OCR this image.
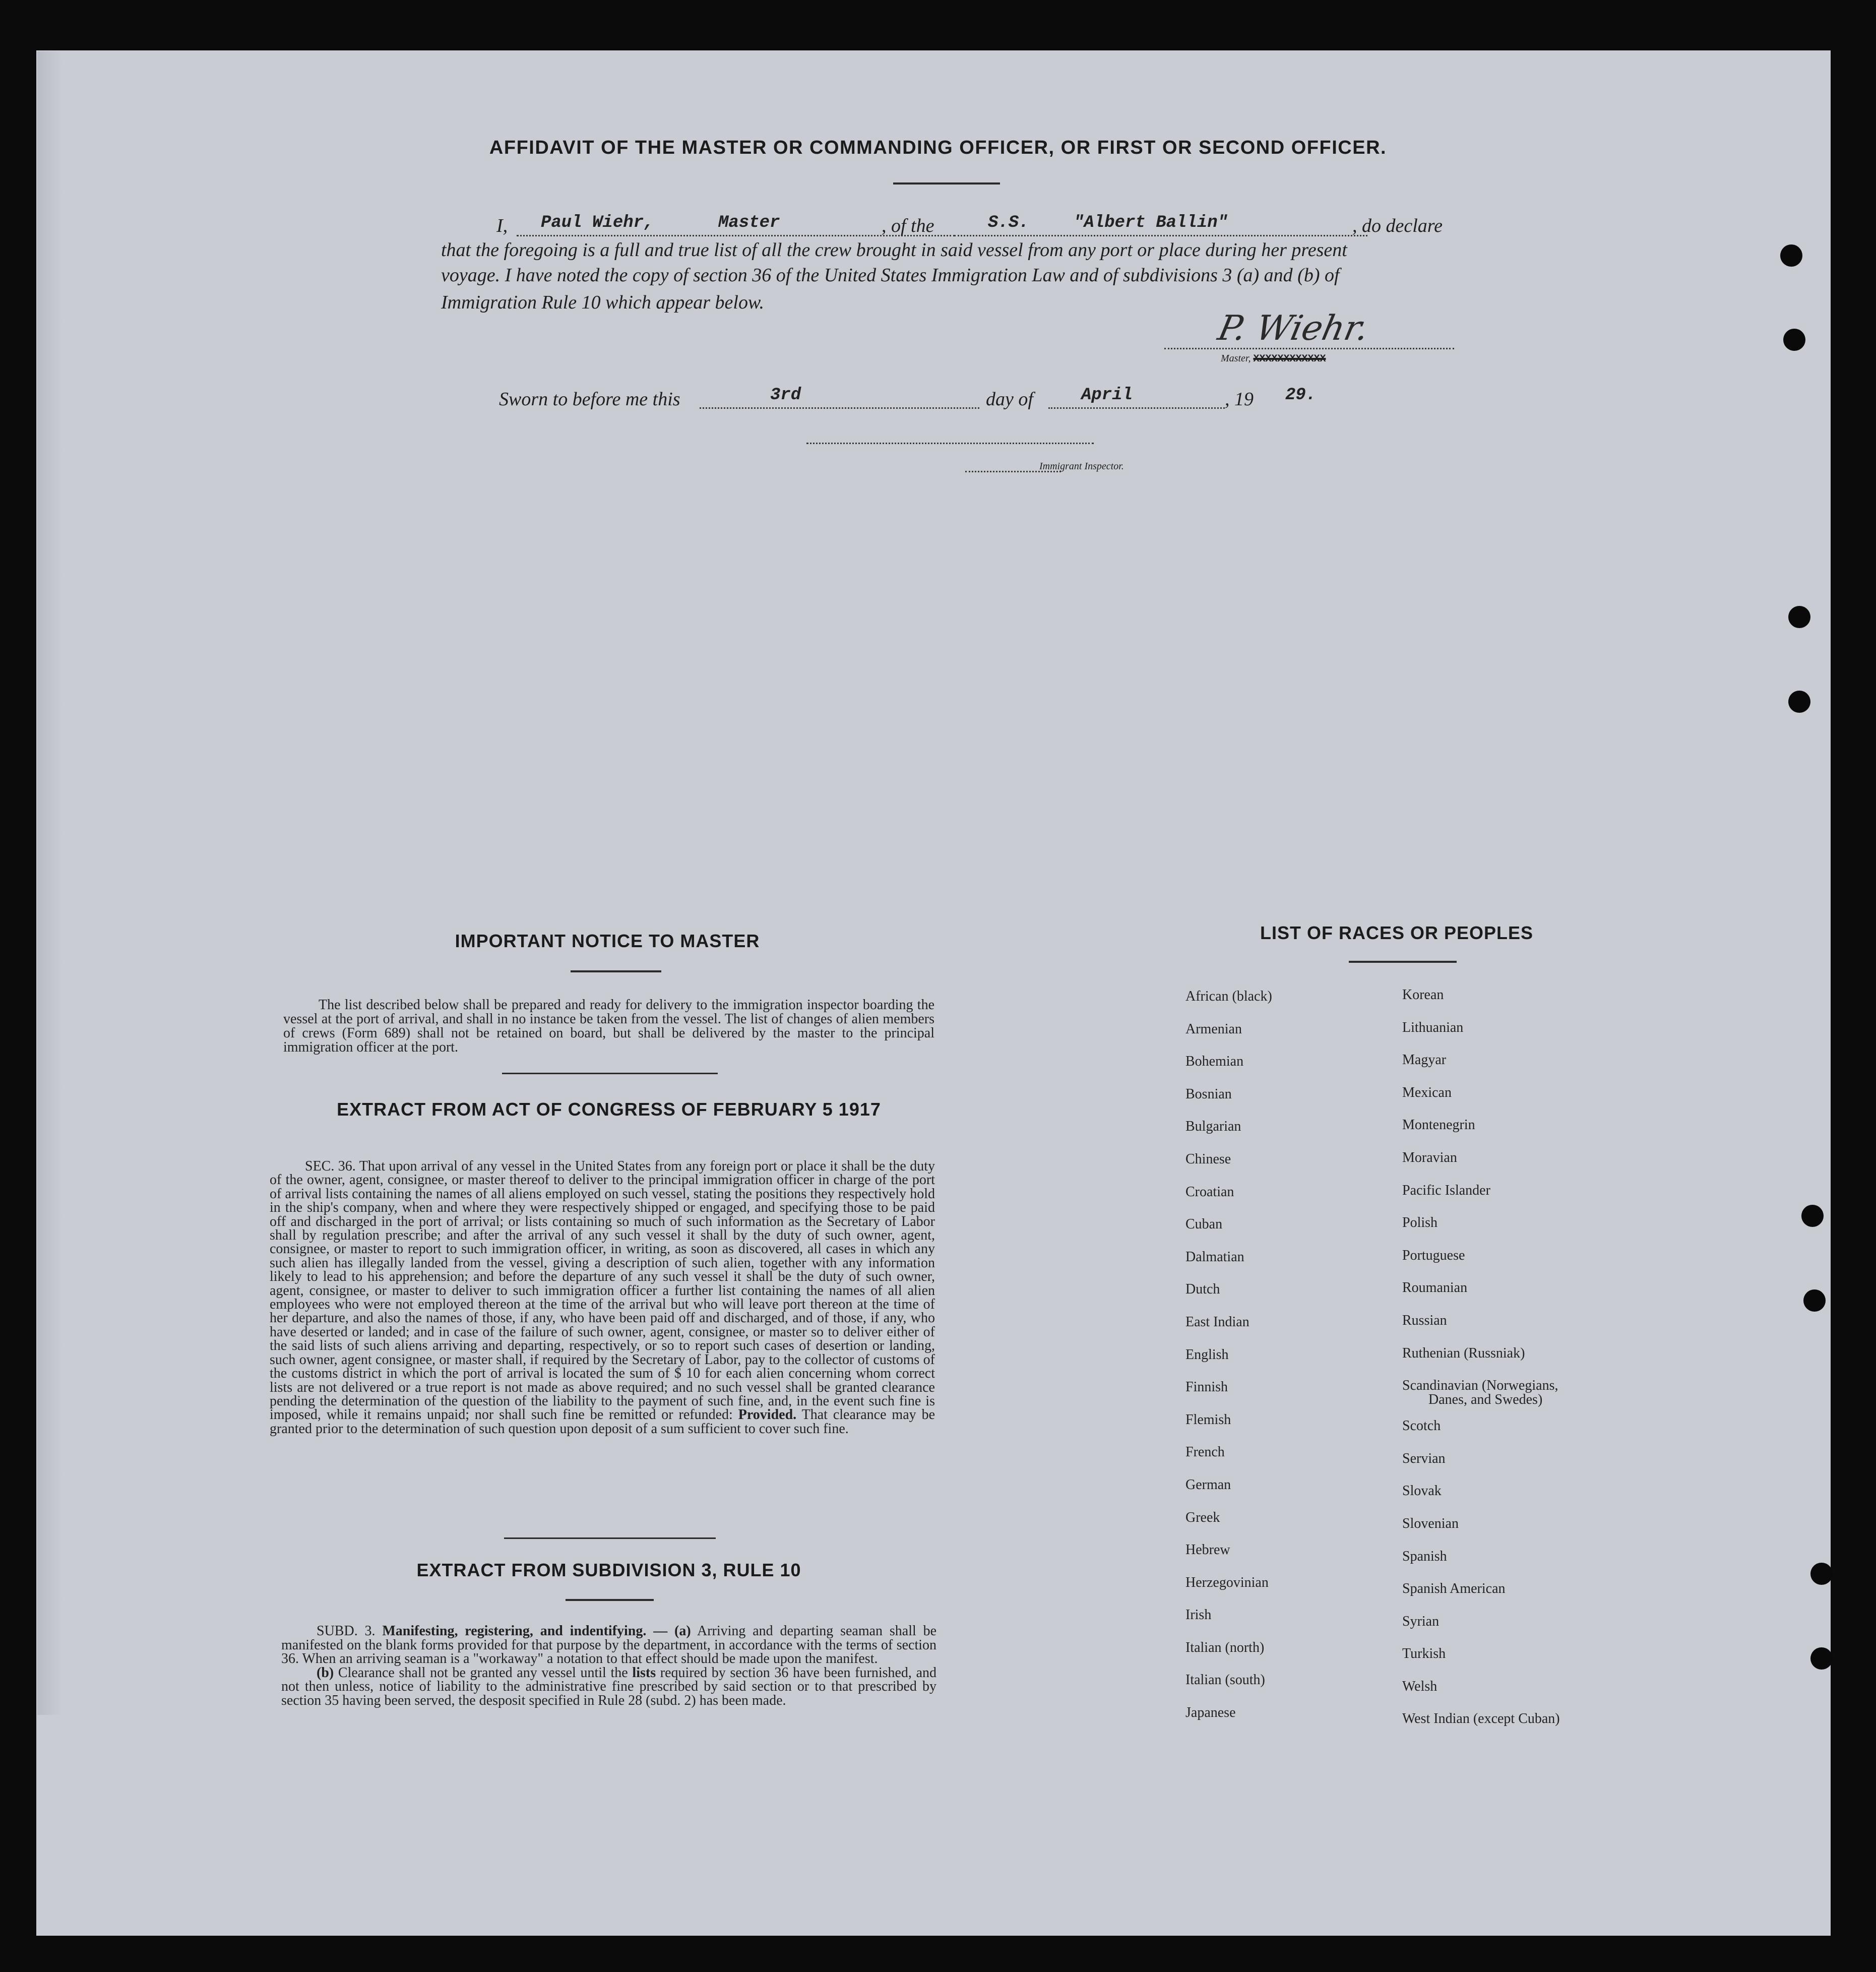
AFFIDAVIT OF THE MASTER OR COMMANDING OFFICER, OR FIRST OR SECOND OFFICER.
I, Paul Wiehr,	Master	, of the	S.S.	"Albert Ballin"	, do declare
that the foregoing is a full and true list of all the crew brought in said vessel from any port or place during her present
voyage. I have noted the copy of section 36 of the United States Immigration Law and of subdivisions 3 (a) and (b) of
Immigration Rule 10 which appear below.
P. Wiehr.
Master, XXXXXXXXXXXX
Sworn to before me this	3rd	day of	April	, 19 29.
Immigrant Inspector.
IMPORTANT NOTICE TO MASTER
The list described below shall be prepared and ready for delivery to the immigration inspector boarding the vessel at the port of arrival, and shall in no instance be taken from the vessel. The list of changes of alien members of crews (Form 689) shall not be retained on board, but shall be delivered by the master to the principal immigration officer at the port.
EXTRACT FROM ACT OF CONGRESS OF FEBRUARY 5 1917
SEC. 36. That upon arrival of any vessel in the United States from any foreign port or place it shall be the duty of the owner, agent, consignee, or master thereof to deliver to the principal immigration officer in charge of the port of arrival lists containing the names of all aliens employed on such vessel, stating the positions they respectively hold in the ship's company, when and where they were respectively shipped or engaged, and specifying those to be paid off and discharged in the port of arrival; or lists containing so much of such information as the Secretary of Labor shall by regulation prescribe; and after the arrival of any such vessel it shall by the duty of such owner, agent, consignee, or master to report to such immigration officer, in writing, as soon as discovered, all cases in which any such alien has illegally landed from the vessel, giving a description of such alien, together with any information likely to lead to his apprehension; and before the departure of any such vessel it shall be the duty of such owner, agent, consignee, or master to deliver to such immigration officer a further list containing the names of all alien employees who were not employed thereon at the time of the arrival but who will leave port thereon at the time of her departure, and also the names of those, if any, who have been paid off and discharged, and of those, if any, who have deserted or landed; and in case of the failure of such owner, agent, consignee, or master so to deliver either of the said lists of such aliens arriving and departing, respectively, or so to report such cases of desertion or landing, such owner, agent consignee, or master shall, if required by the Secretary of Labor, pay to the collector of customs of the customs district in which the port of arrival is located the sum of $ 10 for each alien concerning whom correct lists are not delivered or a true report is not made as above required; and no such vessel shall be granted clearance pending the determination of the question of the liability to the payment of such fine, and, in the event such fine is imposed, while it remains unpaid; nor shall such fine be remitted or refunded: Provided. That clearance may be granted prior to the determination of such question upon deposit of a sum sufficient to cover such fine.
EXTRACT FROM SUBDIVISION 3, RULE 10

SUBD. 3. Manifesting, registering, and indentifying. — (a) Arriving and departing seaman shall be manifested on the blank forms provided for that purpose by the department, in accordance with the terms of section 36. When an arriving seaman is a "workaway" a notation to that effect should be made upon the manifest.

(b) Clearance shall not be granted any vessel until the lists required by section 36 have been furnished, and not then unless, notice of liability to the administrative fine prescribed by said section or to that prescribed by section 35 having been served, the desposit specified in Rule 28 (subd. 2) has been made.

LIST OF RACES OR PEOPLES
African (black)
Armenian
Bohemian
Bosnian
Bulgarian
Chinese
Croatian
Cuban
Dalmatian
Dutch
East Indian
English
Finnish
Flemish
French
German
Greek
Hebrew
Herzegovinian
Irish
Italian (north)
Italian (south)
Japanese
Korean
Lithuanian
Magyar
Mexican
Montenegrin
Moravian
Pacific Islander
Polish
Portuguese
Roumanian
Russian
Ruthenian (Russniak)
Scandinavian (Norwegians,
Danes, and Swedes)
Scotch
Servian
Slovak
Slovenian
Spanish
Spanish American
Syrian
Turkish
Welsh
West Indian (except Cuban)
